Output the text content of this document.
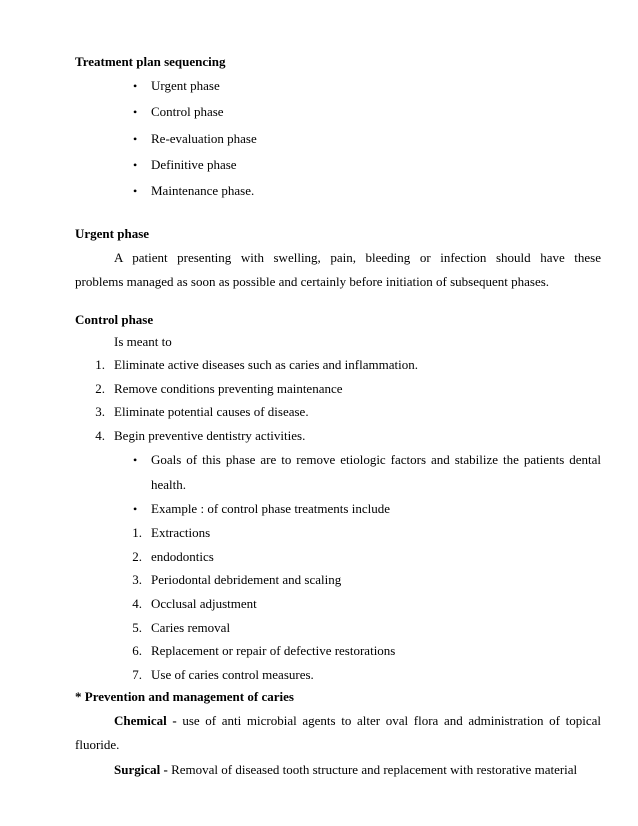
Treatment plan sequencing
• Urgent phase
• Control phase
• Re-evaluation phase
• Definitive phase
• Maintenance phase.
Urgent phase
A patient presenting with swelling, pain, bleeding or infection should have these
problems managed as soon as possible and certainly before initiation of subsequent phases.
Control phase
Is meant to
1. Eliminate active diseases such as caries and inflammation.
2. Remove conditions preventing maintenance
3. Eliminate potential causes of disease.
4. Begin preventive dentistry activities.
• Goals of this phase are to remove etiologic factors and stabilize the patients dental
health.
• Example : of control phase treatments include
1. Extractions
2. endodontics
3. Periodontal debridement and scaling
4. Occlusal adjustment
5. Caries removal
6. Replacement or repair of defective restorations
7. Use of caries control measures.
* Prevention and management of caries
Chemical - use of anti microbial agents to alter oval flora and administration of topical
fluoride.
Surgical - Removal of diseased tooth structure and replacement with restorative material
